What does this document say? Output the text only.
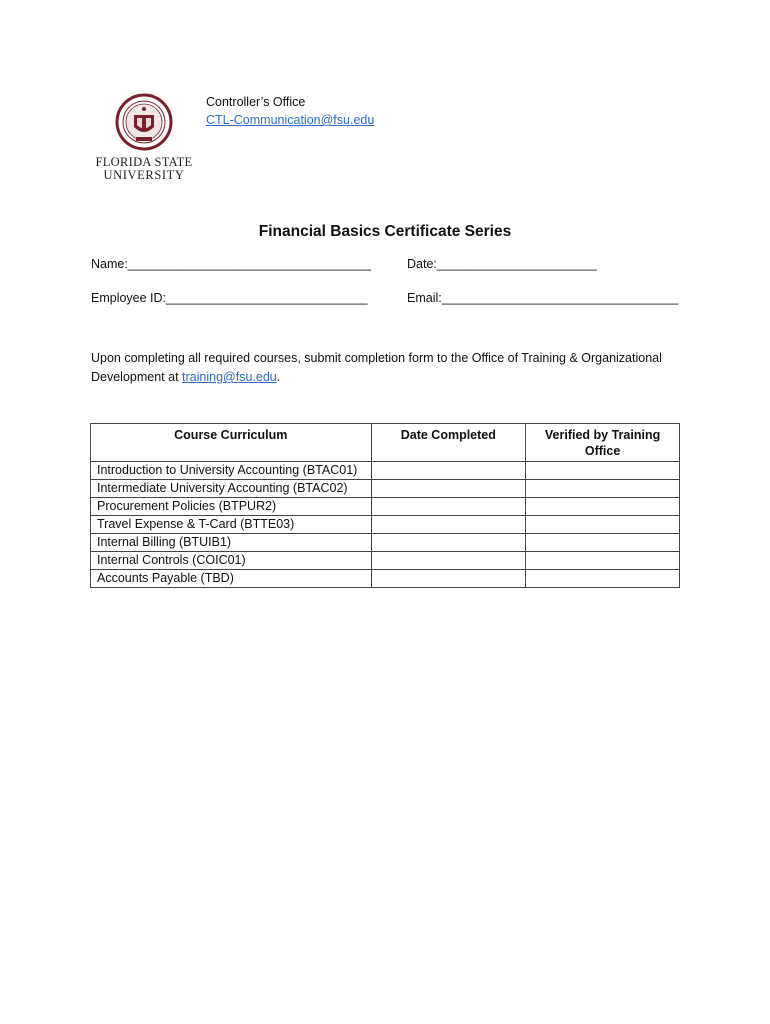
FLORIDA STATE
UNIVERSITY
Controller’s Office
CTL-Communication@fsu.edu
Financial Basics Certificate Series
Name:___________________________________	Date:_______________________
Employee ID:_____________________________	Email:__________________________________
Upon completing all required courses, submit completion form to the Office of Training & Organizational Development at training@fsu.edu.
Course Curriculum	Date Completed	Verified by Training Office
Introduction to University Accounting (BTAC01)		
Intermediate University Accounting (BTAC02)		
Procurement Policies (BTPUR2)		
Travel Expense & T-Card (BTTE03)		
Internal Billing (BTUIB1)		
Internal Controls (COIC01)		
Accounts Payable (TBD)		
